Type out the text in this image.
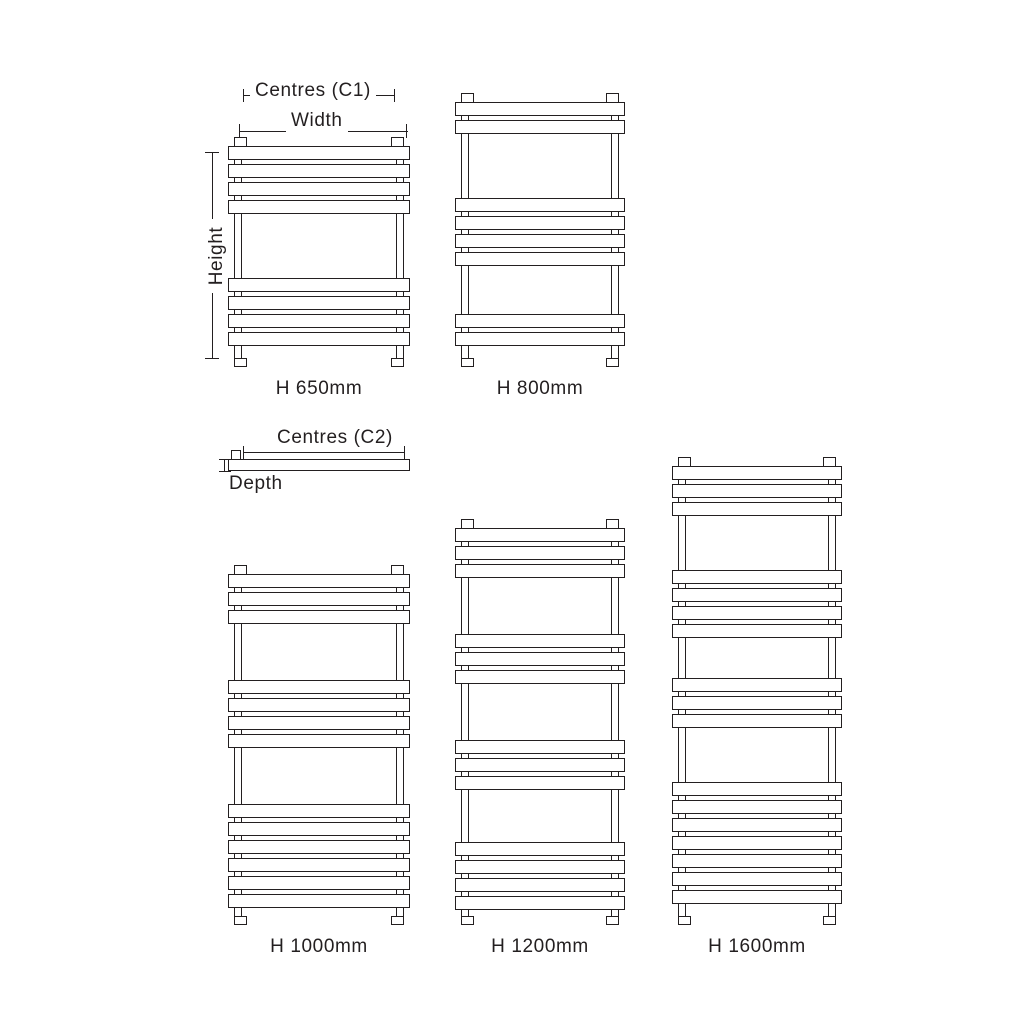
Centres (C1)
Width
Height
Centres (C2)
Depth
H 650mm	H 800mm
H 1000mm	H 1200mm	H 1600mm
